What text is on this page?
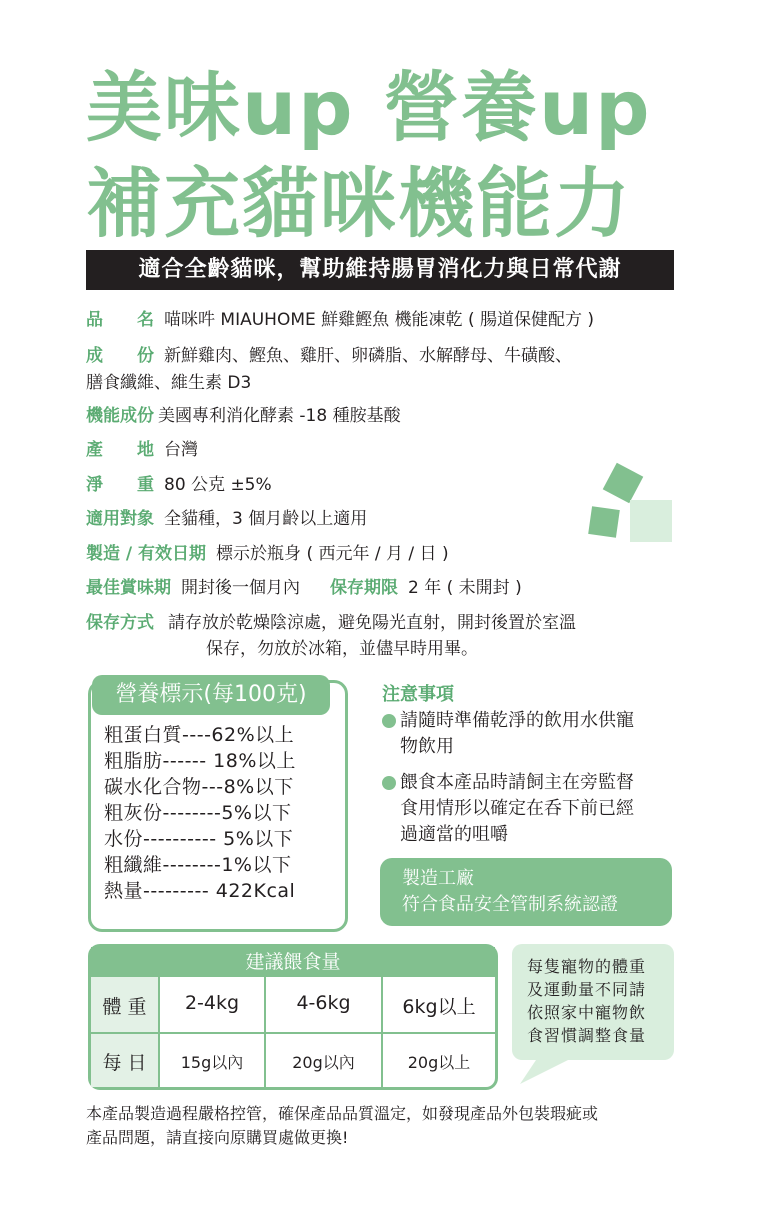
美味up 營養up
補充貓咪機能力
適合全齡貓咪，幫助維持腸胃消化力與日常代謝
品　名 喵咪吽 MIAUHOME 鮮雞鰹魚 機能凍乾 ( 腸道保健配方 )
成　份 新鮮雞肉、鰹魚、雞肝、卵磷脂、水解酵母、牛磺酸、
膳食纖維、維生素 D3
機能成份 美國專利消化酵素 -18 種胺基酸
產　地 台灣
淨　重 80 公克 ±5%
適用對象 全貓種，3 個月齡以上適用
製造 / 有效日期 標示於瓶身 ( 西元年 / 月 / 日 )
最佳賞味期 開封後一個月內 保存期限 2 年 ( 未開封 )
保存方式 請存放於乾燥陰涼處，避免陽光直射，開封後置於室溫
保存，勿放於冰箱，並儘早時用畢。
營養標示(每100克)
粗蛋白質----62%以上
粗脂肪------ 18%以上
碳水化合物---8%以下
粗灰份--------5%以下
水份---------- 5%以下
粗纖維--------1%以下
熱量--------- 422Kcal
注意事項
請隨時準備乾淨的飲用水供寵
物飲用
餵食本產品時請飼主在旁監督
食用情形以確定在呑下前已經
過適當的咀嚼
製造工廠
符合食品安全管制系統認證
建議餵食量
體 重	2-4kg	4-6kg	6kg以上
每 日	15g以內	20g以內	20g以上
每隻寵物的體重
及運動量不同請
依照家中寵物飲
食習慣調整食量
本產品製造過程嚴格控管，確保產品品質溫定，如發現產品外包裝瑕疵或
產品問題，請直接向原購買處做更換!
